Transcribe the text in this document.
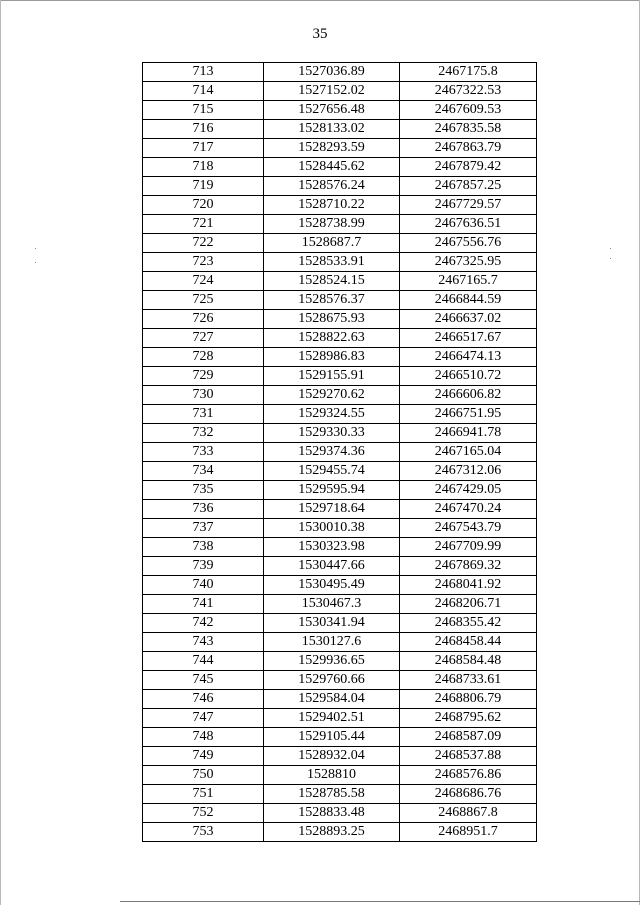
35
713	1527036.89	2467175.8
714	1527152.02	2467322.53
715	1527656.48	2467609.53
716	1528133.02	2467835.58
717	1528293.59	2467863.79
718	1528445.62	2467879.42
719	1528576.24	2467857.25
720	1528710.22	2467729.57
721	1528738.99	2467636.51
722	1528687.7	2467556.76
723	1528533.91	2467325.95
724	1528524.15	2467165.7
725	1528576.37	2466844.59
726	1528675.93	2466637.02
727	1528822.63	2466517.67
728	1528986.83	2466474.13
729	1529155.91	2466510.72
730	1529270.62	2466606.82
731	1529324.55	2466751.95
732	1529330.33	2466941.78
733	1529374.36	2467165.04
734	1529455.74	2467312.06
735	1529595.94	2467429.05
736	1529718.64	2467470.24
737	1530010.38	2467543.79
738	1530323.98	2467709.99
739	1530447.66	2467869.32
740	1530495.49	2468041.92
741	1530467.3	2468206.71
742	1530341.94	2468355.42
743	1530127.6	2468458.44
744	1529936.65	2468584.48
745	1529760.66	2468733.61
746	1529584.04	2468806.79
747	1529402.51	2468795.62
748	1529105.44	2468587.09
749	1528932.04	2468537.88
750	1528810	2468576.86
751	1528785.58	2468686.76
752	1528833.48	2468867.8
753	1528893.25	2468951.7
